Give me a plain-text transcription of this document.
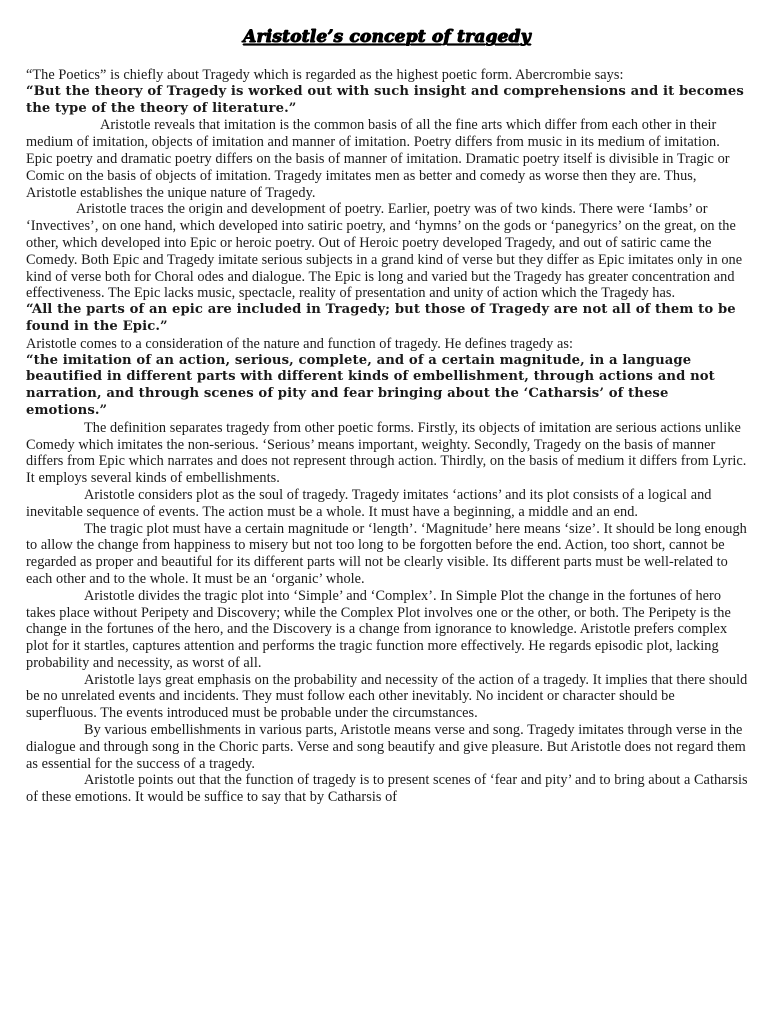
Aristotle’s concept of tragedy

“The Poetics” is chiefly about Tragedy which is regarded as the highest poetic form. Abercrombie says:

“But the theory of Tragedy is worked out with such insight and comprehensions and it becomes the type of the theory of literature.”

Aristotle reveals that imitation is the common basis of all the fine arts which differ from each other in their medium of imitation, objects of imitation and manner of imitation. Poetry differs from music in its medium of imitation. Epic poetry and dramatic poetry differs on the basis of manner of imitation. Dramatic poetry itself is divisible in Tragic or Comic on the basis of objects of imitation. Tragedy imitates men as better and comedy as worse then they are. Thus, Aristotle establishes the unique nature of Tragedy.

Aristotle traces the origin and development of poetry. Earlier, poetry was of two kinds. There were ‘Iambs’ or ‘Invectives’, on one hand, which developed into satiric poetry, and ‘hymns’ on the gods or ‘panegyrics’ on the great, on the other, which developed into Epic or heroic poetry. Out of Heroic poetry developed Tragedy, and out of satiric came the Comedy. Both Epic and Tragedy imitate serious subjects in a grand kind of verse but they differ as Epic imitates only in one kind of verse both for Choral odes and dialogue. The Epic is long and varied but the Tragedy has greater concentration and effectiveness. The Epic lacks music, spectacle, reality of presentation and unity of action which the Tragedy has.

“All the parts of an epic are included in Tragedy; but those of Tragedy are not all of them to be found in the Epic.”

Aristotle comes to a consideration of the nature and function of tragedy. He defines tragedy as:

“the imitation of an action, serious, complete, and of a certain magnitude, in a language beautified in different parts with different kinds of embellishment, through actions and not narration, and through scenes of pity and fear bringing about the ‘Catharsis’ of these emotions.”

The definition separates tragedy from other poetic forms. Firstly, its objects of imitation are serious actions unlike Comedy which imitates the non-serious. ‘Serious’ means important, weighty. Secondly, Tragedy on the basis of manner differs from Epic which narrates and does not represent through action. Thirdly, on the basis of medium it differs from Lyric. It employs several kinds of embellishments.

Aristotle considers plot as the soul of tragedy. Tragedy imitates ‘actions’ and its plot consists of a logical and inevitable sequence of events. The action must be a whole. It must have a beginning, a middle and an end.

The tragic plot must have a certain magnitude or ‘length’. ‘Magnitude’ here means ‘size’. It should be long enough to allow the change from happiness to misery but not too long to be forgotten before the end. Action, too short, cannot be regarded as proper and beautiful for its different parts will not be clearly visible. Its different parts must be well-related to each other and to the whole. It must be an ‘organic’ whole.

Aristotle divides the tragic plot into ‘Simple’ and ‘Complex’. In Simple Plot the change in the fortunes of hero takes place without Peripety and Discovery; while the Complex Plot involves one or the other, or both. The Peripety is the change in the fortunes of the hero, and the Discovery is a change from ignorance to knowledge. Aristotle prefers complex plot for it startles, captures attention and performs the tragic function more effectively. He regards episodic plot, lacking probability and necessity, as worst of all.

Aristotle lays great emphasis on the probability and necessity of the action of a tragedy. It implies that there should be no unrelated events and incidents. They must follow each other inevitably. No incident or character should be superfluous. The events introduced must be probable under the circumstances.

By various embellishments in various parts, Aristotle means verse and song. Tragedy imitates through verse in the dialogue and through song in the Choric parts. Verse and song beautify and give pleasure. But Aristotle does not regard them as essential for the success of a tragedy.

Aristotle points out that the function of tragedy is to present scenes of ‘fear and pity’ and to bring about a Catharsis of these emotions. It would be suffice to say that by Catharsis of
